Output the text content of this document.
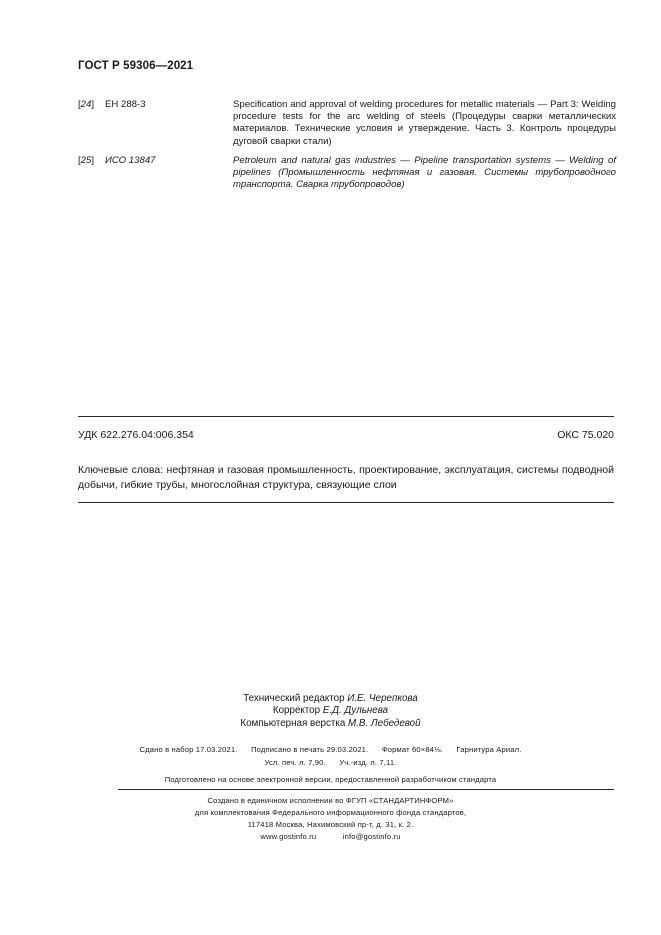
ГОСТ Р 59306—2021
[24] ЕН 288-3	Specification and approval of welding procedures for metallic materials — Part 3: Welding procedure tests for the arc welding of steels (Процедуры сварки металлических материалов. Технические условия и утверждение. Часть 3. Контроль процедуры дуговой сварки стали)
[25] ИСО 13847	Petroleum and natural gas industries — Pipeline transportation systems — Welding of pipelines (Промышленность нефтяная и газовая. Системы трубопроводного транспорта. Сварка трубопроводов)
УДК 622.276.04:006.354	ОКС 75.020
Ключевые слова: нефтяная и газовая промышленность, проектирование, эксплуатация, системы подводной добычи, гибкие трубы, многослойная структура, связующие слои
Технический редактор И.Е. Черепкова
Корректор Е.Д. Дульнева
Компьютерная верстка М.В. Лебедевой
Сдано в набор 17.03.2021.      Подписано в печать 29.03.2021.      Формат 60×84⅛.      Гарнитура Ариал.
Усл. печ. л. 7,90.      Уч.-изд. л. 7,11.
Подготовлено на основе электронной версии, предоставленной разработчиком стандарта
Создано в единичном исполнении во ФГУП «СТАНДАРТИНФОРМ»
для комплектования Федерального информационного фонда стандартов,
117418 Москва, Нахимовский пр-т, д. 31, к. 2.
www.gostinfo.ru	info@gostinfo.ru
